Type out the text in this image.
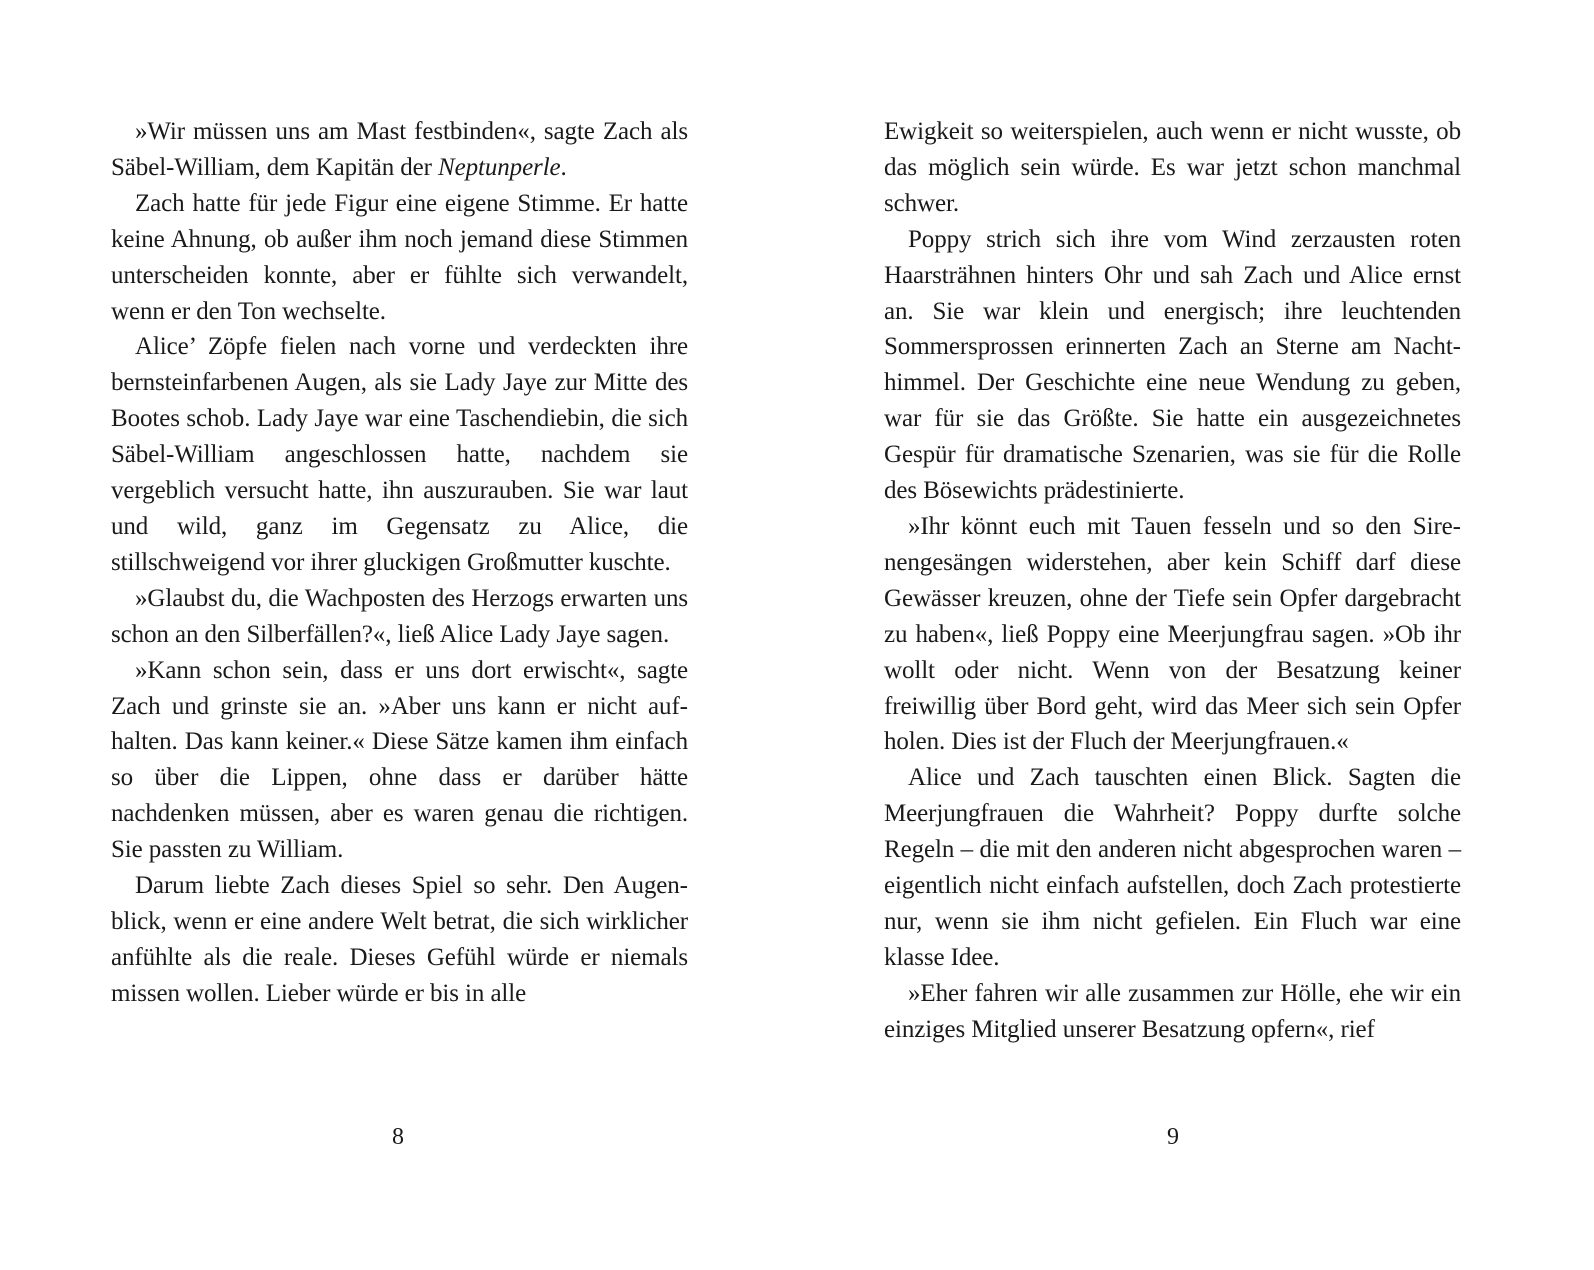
»Wir müssen uns am Mast festbinden«, sagte Zach als Säbel-William, dem Kapitän der Neptunperle.

Zach hatte für jede Figur eine eigene Stimme. Er hatte keine Ahnung, ob außer ihm noch jemand diese Stimmen unterscheiden konnte, aber er fühlte sich verwandelt, wenn er den Ton wechselte.

Alice’ Zöpfe fielen nach vorne und verdeckten ihre bernsteinfarbenen Augen, als sie Lady Jaye zur Mitte des Bootes schob. Lady Jaye war eine Taschendiebin, die sich Säbel-William angeschlossen hatte, nachdem sie vergeblich versucht hatte, ihn auszurauben. Sie war laut und wild, ganz im Gegensatz zu Alice, die stillschweigend vor ihrer gluckigen Großmutter kuschte.

»Glaubst du, die Wachposten des Herzogs erwarten uns schon an den Silberfällen?«, ließ Alice Lady Jaye sagen.

»Kann schon sein, dass er uns dort erwischt«, sagte Zach und grinste sie an. »Aber uns kann er nicht aufhalten. Das kann keiner.« Diese Sätze kamen ihm einfach so über die Lippen, ohne dass er darüber hätte nachdenken müssen, aber es waren genau die richtigen. Sie passten zu William.

Darum liebte Zach dieses Spiel so sehr. Den Augenblick, wenn er eine andere Welt betrat, die sich wirklicher anfühlte als die reale. Dieses Gefühl würde er niemals missen wollen. Lieber würde er bis in alle

8

Ewigkeit so weiterspielen, auch wenn er nicht wusste, ob das möglich sein würde. Es war jetzt schon manchmal schwer.

Poppy strich sich ihre vom Wind zerzausten roten Haarsträhnen hinters Ohr und sah Zach und Alice ernst an. Sie war klein und energisch; ihre leuchtenden Sommersprossen erinnerten Zach an Sterne am Nachthimmel. Der Geschichte eine neue Wendung zu geben, war für sie das Größte. Sie hatte ein ausgezeichnetes Gespür für dramatische Szenarien, was sie für die Rolle des Bösewichts prädestinierte.

»Ihr könnt euch mit Tauen fesseln und so den Sirenengesängen widerstehen, aber kein Schiff darf diese Gewässer kreuzen, ohne der Tiefe sein Opfer dargebracht zu haben«, ließ Poppy eine Meerjungfrau sagen. »Ob ihr wollt oder nicht. Wenn von der Besatzung keiner freiwillig über Bord geht, wird das Meer sich sein Opfer holen. Dies ist der Fluch der Meerjungfrauen.«

Alice und Zach tauschten einen Blick. Sagten die Meerjungfrauen die Wahrheit? Poppy durfte solche Regeln – die mit den anderen nicht abgesprochen waren – eigentlich nicht einfach aufstellen, doch Zach protestierte nur, wenn sie ihm nicht gefielen. Ein Fluch war eine klasse Idee.

»Eher fahren wir alle zusammen zur Hölle, ehe wir ein einziges Mitglied unserer Besatzung opfern«, rief

9
